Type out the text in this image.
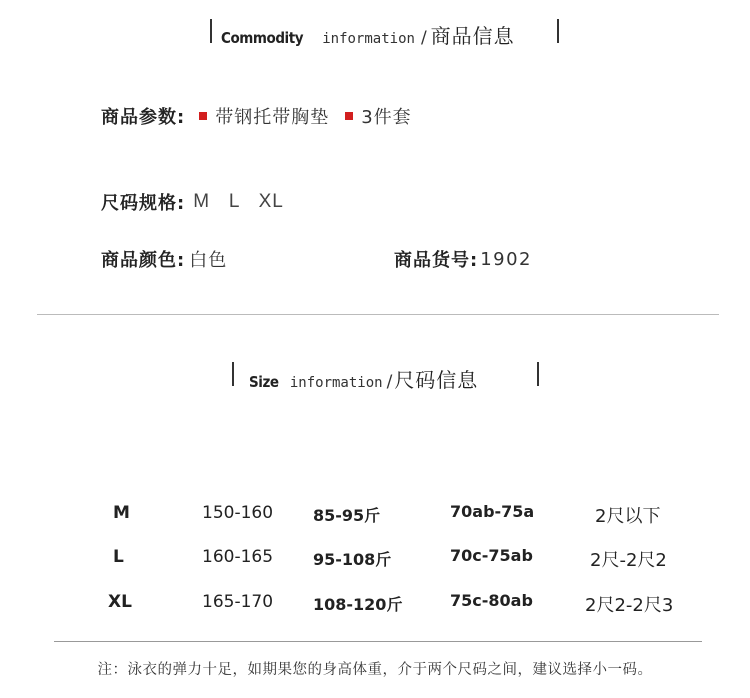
Commodity information / 商品信息
商品参数: 带钢托带胸垫 3件套
尺码规格: M   L   XL
商品颜色: 白色	商品货号: 1902
Size information / 尺码信息
M	150-160 85-95斤	70ab-75a	2尺以下
L	160-165 95-108斤	70c-75ab	2尺-2尺2
XL	165-170 108-120斤	75c-80ab	2尺2-2尺3
注：泳衣的弹力十足，如期果您的身高体重，介于两个尺码之间，建议选择小一码。
